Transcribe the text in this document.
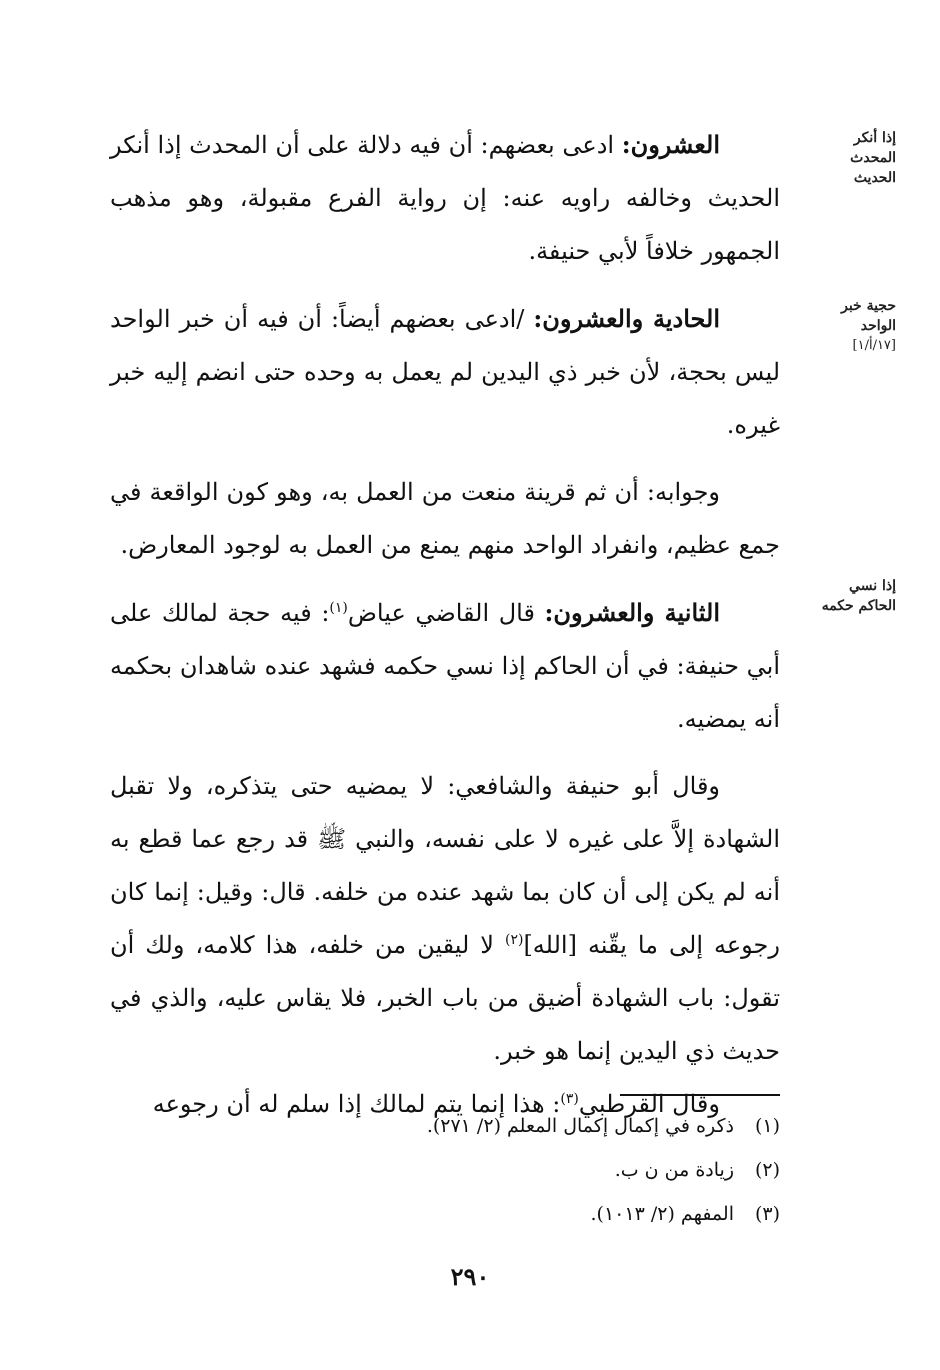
إذا أنكر المحدث الحديث
حجية خبر الواحد
[١٧/أ/١]
إذا نسي الحاكم حكمه

العشرون: ادعى بعضهم: أن فيه دلالة على أن المحدث إذا أنكر الحديث وخالفه راويه عنه: إن رواية الفرع مقبولة، وهو مذهب الجمهور خلافاً لأبي حنيفة.

الحادية والعشرون: /ادعى بعضهم أيضاً: أن فيه أن خبر الواحد ليس بحجة، لأن خبر ذي اليدين لم يعمل به وحده حتى انضم إليه خبر غيره.

وجوابه: أن ثم قرينة منعت من العمل به، وهو كون الواقعة في جمع عظيم، وانفراد الواحد منهم يمنع من العمل به لوجود المعارض.

الثانية والعشرون: قال القاضي عياض$^{(١)}$: فيه حجة لمالك على أبي حنيفة: في أن الحاكم إذا نسي حكمه فشهد عنده شاهدان بحكمه أنه يمضيه.

وقال أبو حنيفة والشافعي: لا يمضيه حتى يتذكره، ولا تقبل الشهادة إلاَّ على غيره لا على نفسه، والنبي ﷺ قد رجع عما قطع به أنه لم يكن إلى أن كان بما شهد عنده من خلفه. قال: وقيل: إنما كان رجوعه إلى ما يقّنه [الله]$^{(٢)}$ لا ليقين من خلفه، هذا كلامه، ولك أن تقول: باب الشهادة أضيق من باب الخبر، فلا يقاس عليه، والذي في حديث ذي اليدين إنما هو خبر.

وقال القرطبي$^{(٣)}$: هذا إنما يتم لمالك إذا سلم له أن رجوعه

(١)ذكره في إكمال إكمال المعلم (٢/ ٢٧١).
(٢)زيادة من ن ب.
(٣)المفهم (٢/ ١٠١٣).
٢٩٠
